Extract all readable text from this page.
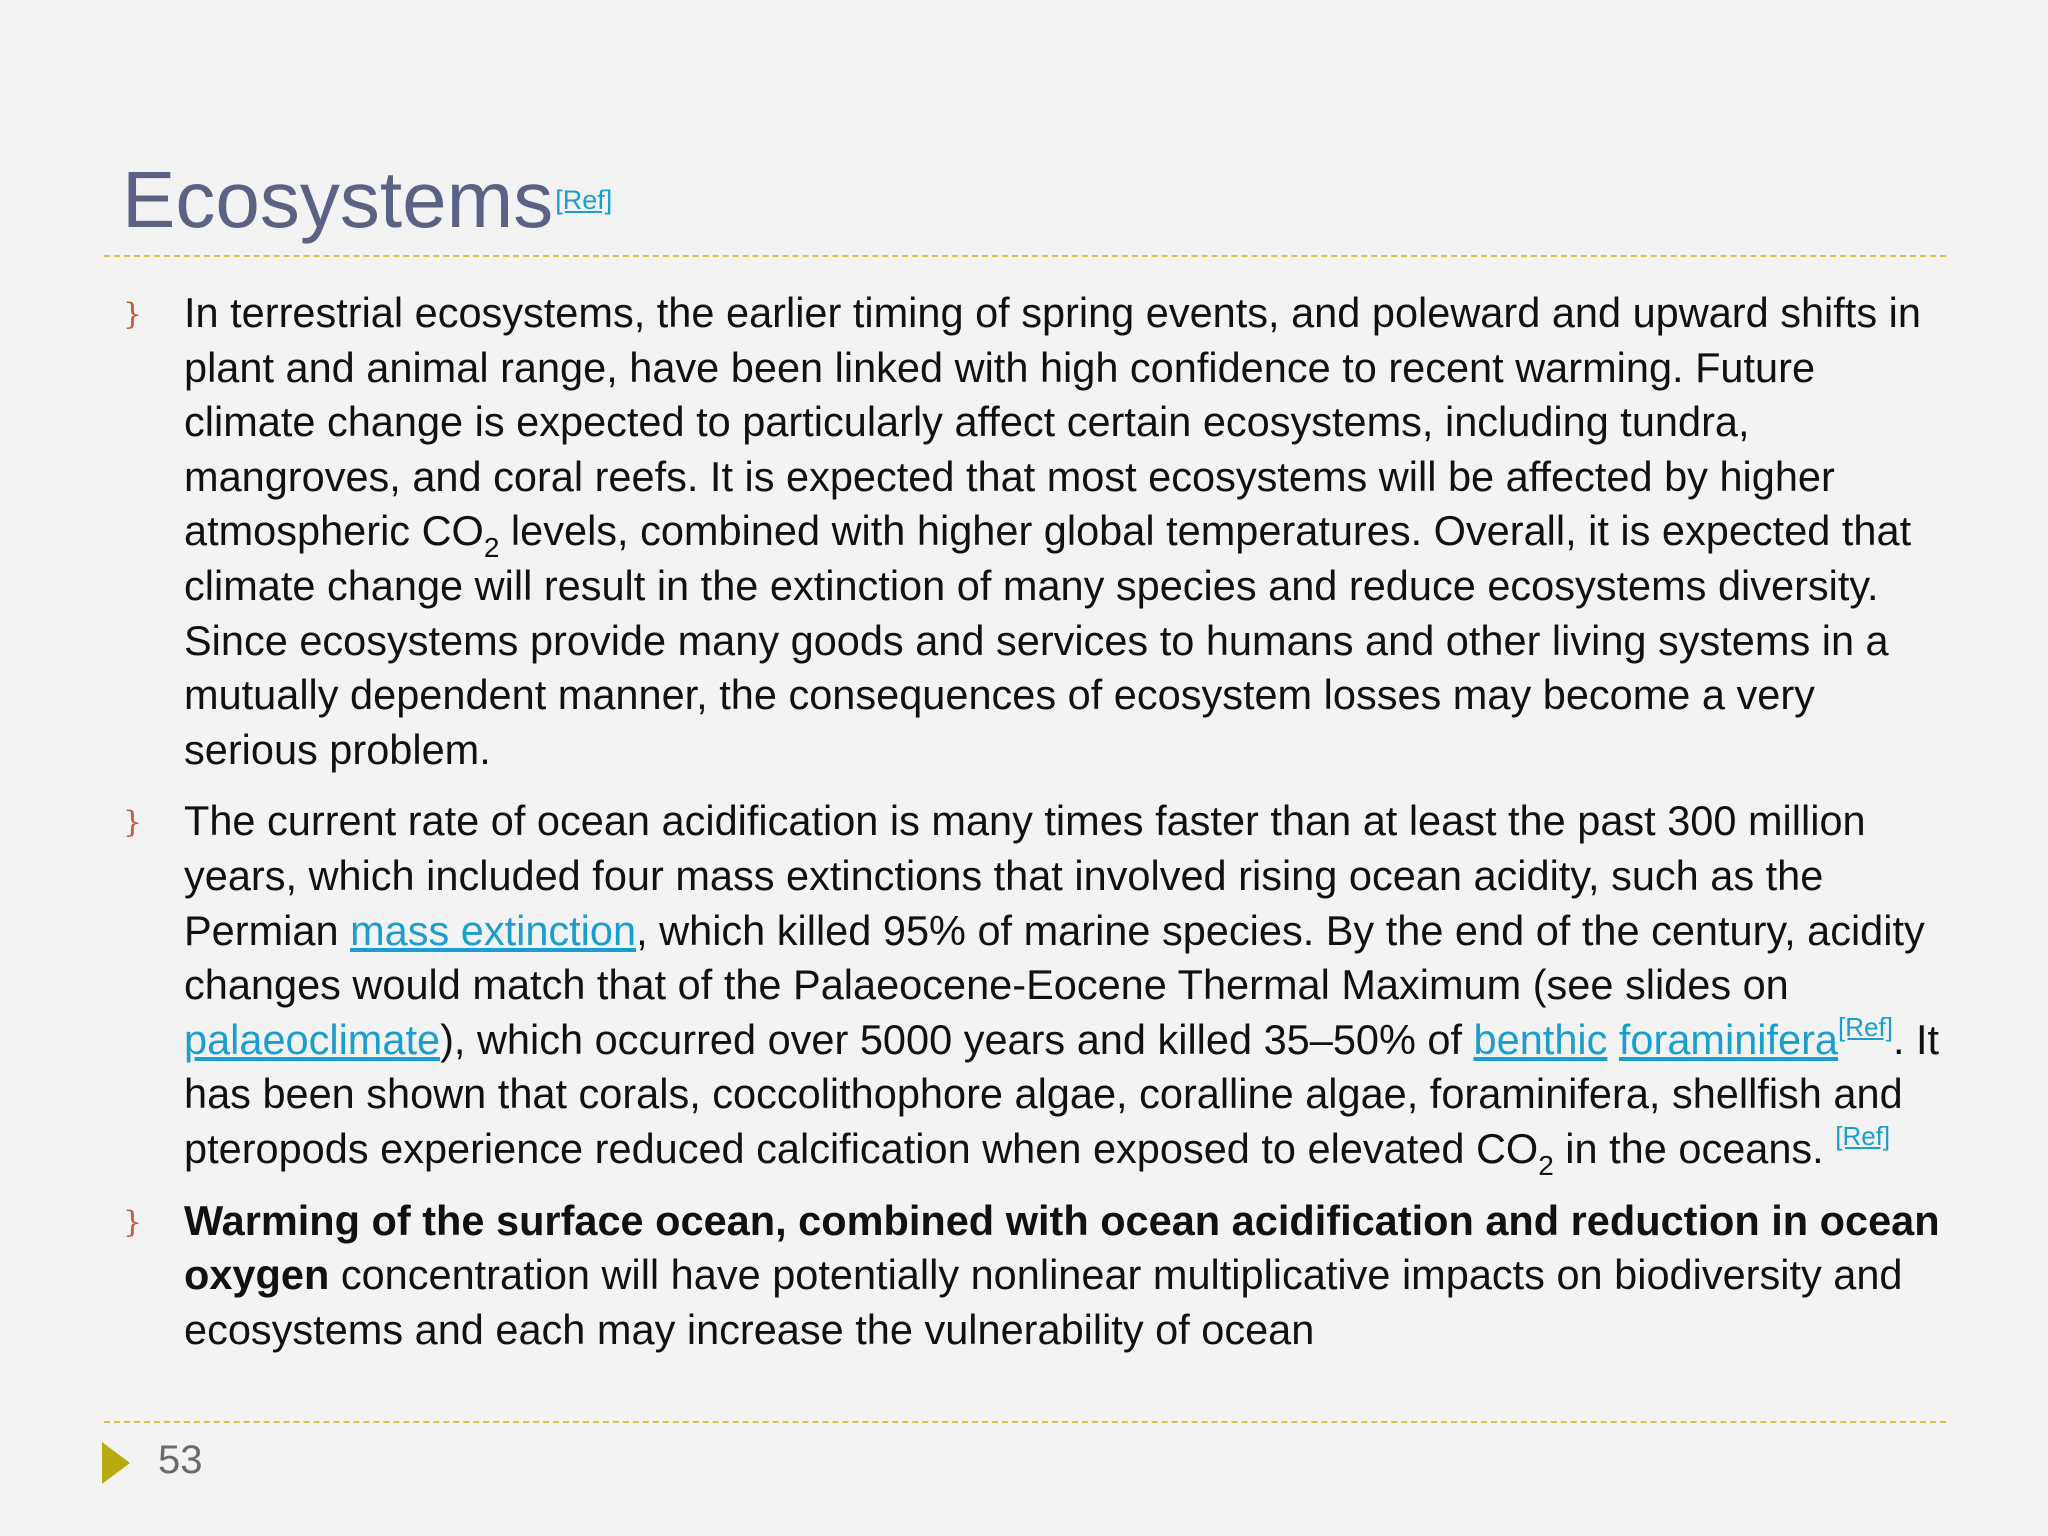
Ecosystems[Ref]
} In terrestrial ecosystems, the earlier timing of spring events, and poleward and upward shifts in plant and animal range, have been linked with high confidence to recent warming. Future climate change is expected to particularly affect certain ecosystems, including tundra, mangroves, and coral reefs. It is expected that most ecosystems will be affected by higher atmospheric $CO_2$ levels, combined with higher global temperatures. Overall, it is expected that climate change will result in the extinction of many species and reduce ecosystems diversity. Since ecosystems provide many goods and services to humans and other living systems in a mutually dependent manner, the consequences of ecosystem losses may become a very serious problem.
} The current rate of ocean acidification is many times faster than at least the past 300 million years, which included four mass extinctions that involved rising ocean acidity, such as the Permian mass extinction, which killed 95% of marine species. By the end of the century, acidity changes would match that of the Palaeocene-Eocene Thermal Maximum (see slides on palaeoclimate), which occurred over 5000 years and killed 35–50% of benthic foraminifera[Ref]. It has been shown that corals, coccolithophore algae, coralline algae, foraminifera, shellfish and pteropods experience reduced calcification when exposed to elevated $CO_2$ in the oceans. [Ref]
} Warming of the surface ocean, combined with ocean acidification and reduction in ocean oxygen concentration will have potentially nonlinear multiplicative impacts on biodiversity and ecosystems and each may increase the vulnerability of ocean
53
